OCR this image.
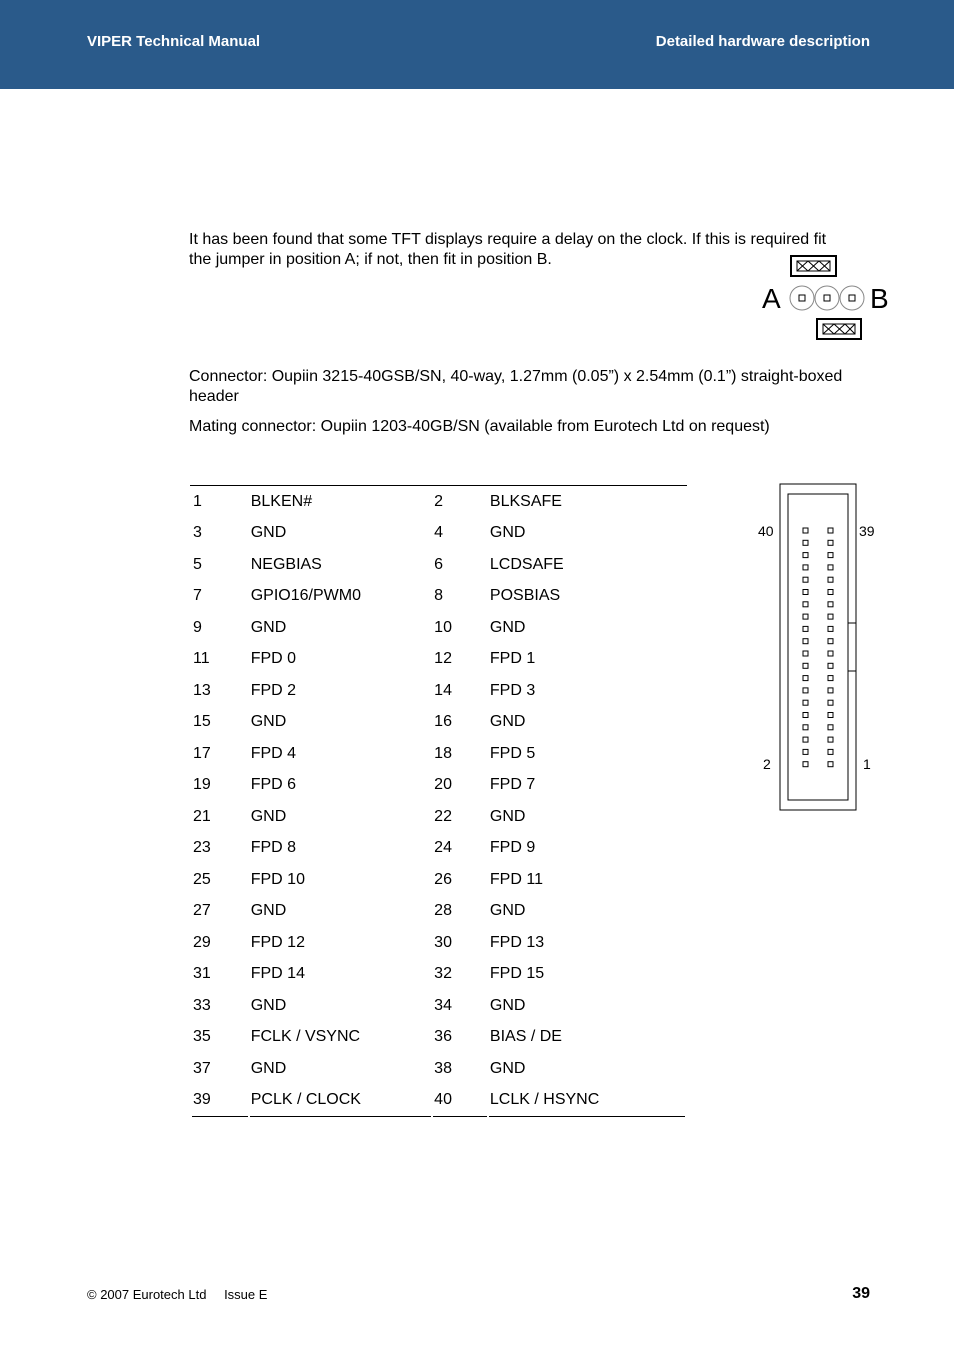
VIPER Technical Manual	Detailed hardware description
It has been found that some TFT displays require a delay on the clock. If this is required fit the jumper in position A; if not, then fit in position B.
A	B
Connector: Oupiin 3215-40GSB/SN, 40-way, 1.27mm (0.05”) x 2.54mm (0.1”) straight-boxed header
Mating connector: Oupiin 1203-40GB/SN (available from Eurotech Ltd on request)
1	BLKEN#	2	BLKSAFE
3	GND	4	GND
5	NEGBIAS	6	LCDSAFE
7	GPIO16/PWM0	8	POSBIAS
9	GND	10	GND
11	FPD 0	12	FPD 1
13	FPD 2	14	FPD 3
15	GND	16	GND
17	FPD 4	18	FPD 5
19	FPD 6	20	FPD 7
21	GND	22	GND
23	FPD 8	24	FPD 9
25	FPD 10	26	FPD 11
27	GND	28	GND
29	FPD 12	30	FPD 13
31	FPD 14	32	FPD 15
33	GND	34	GND
35	FCLK / VSYNC	36	BIAS / DE
37	GND	38	GND
39	PCLK / CLOCK	40	LCLK / HSYNC
40	39
2	1
© 2007 Eurotech Ltd Issue E	39
